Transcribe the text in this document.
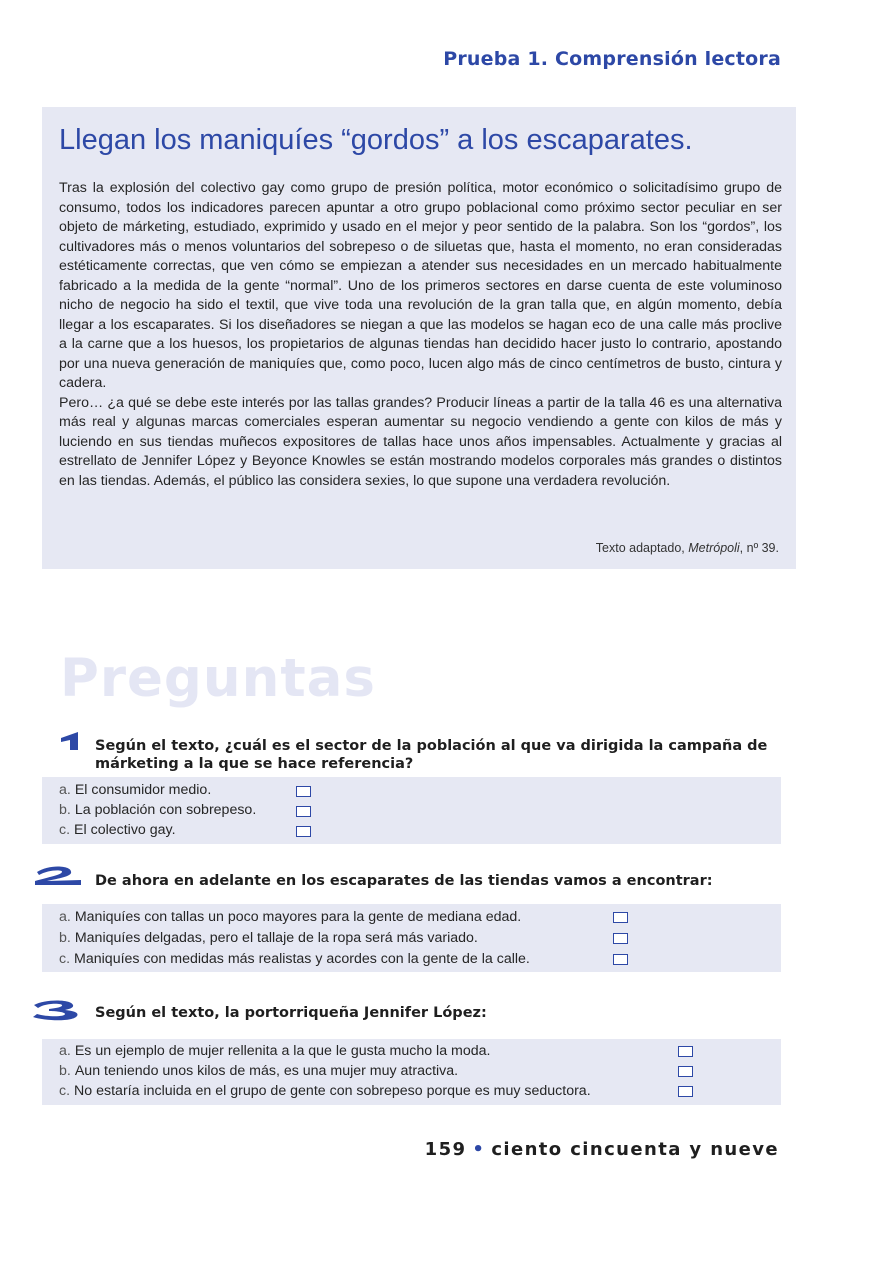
Prueba 1. Comprensión lectora
Llegan los maniquíes “gordos” a los escaparates.

Tras la explosión del colectivo gay como grupo de presión política, motor económico o solicitadísimo grupo de consumo, todos los indicadores parecen apuntar a otro grupo poblacional como próximo sector peculiar en ser objeto de márketing, estudiado, exprimido y usado en el mejor y peor sentido de la palabra. Son los “gordos”, los cultivadores más o menos voluntarios del sobrepeso o de siluetas que, hasta el momento, no eran consideradas estéticamente correctas, que ven cómo se empiezan a atender sus necesidades en un mercado habitualmente fabricado a la medida de la gente “normal”. Uno de los primeros sectores en darse cuenta de este voluminoso nicho de negocio ha sido el textil, que vive toda una revolución de la gran talla que, en algún momento, debía llegar a los escaparates. Si los diseñadores se niegan a que las modelos se hagan eco de una calle más proclive a la carne que a los huesos, los propietarios de algunas tiendas han decidido hacer justo lo contrario, apostando por una nueva generación de maniquíes que, como poco, lucen algo más de cinco centímetros de busto, cintura y cadera.

Pero… ¿a qué se debe este interés por las tallas grandes? Producir líneas a partir de la talla 46 es una alternativa más real y algunas marcas comerciales esperan aumentar su negocio vendiendo a gente con kilos de más y luciendo en sus tiendas muñecos expositores de tallas hace unos años impensables. Actualmente y gracias al estrellato de Jennifer López y Beyonce Knowles se están mostrando modelos corporales más grandes o distintos en las tiendas. Además, el público las considera sexies, lo que supone una verdadera revolución.

Texto adaptado, Metrópoli, nº 39.
Preguntas
Según el texto, ¿cuál es el sector de la población al que va dirigida la campaña de márketing a la que se hace referencia?
a. El consumidor medio.
b. La población con sobrepeso.
c. El colectivo gay.
De ahora en adelante en los escaparates de las tiendas vamos a encontrar:
a. Maniquíes con tallas un poco mayores para la gente de mediana edad.
b. Maniquíes delgadas, pero el tallaje de la ropa será más variado.
c. Maniquíes con medidas más realistas y acordes con la gente de la calle.
Según el texto, la portorriqueña Jennifer López:
a. Es un ejemplo de mujer rellenita a la que le gusta mucho la moda.
b. Aun teniendo unos kilos de más, es una mujer muy atractiva.
c. No estaría incluida en el grupo de gente con sobrepeso porque es muy seductora.
159 • ciento cincuenta y nueve
